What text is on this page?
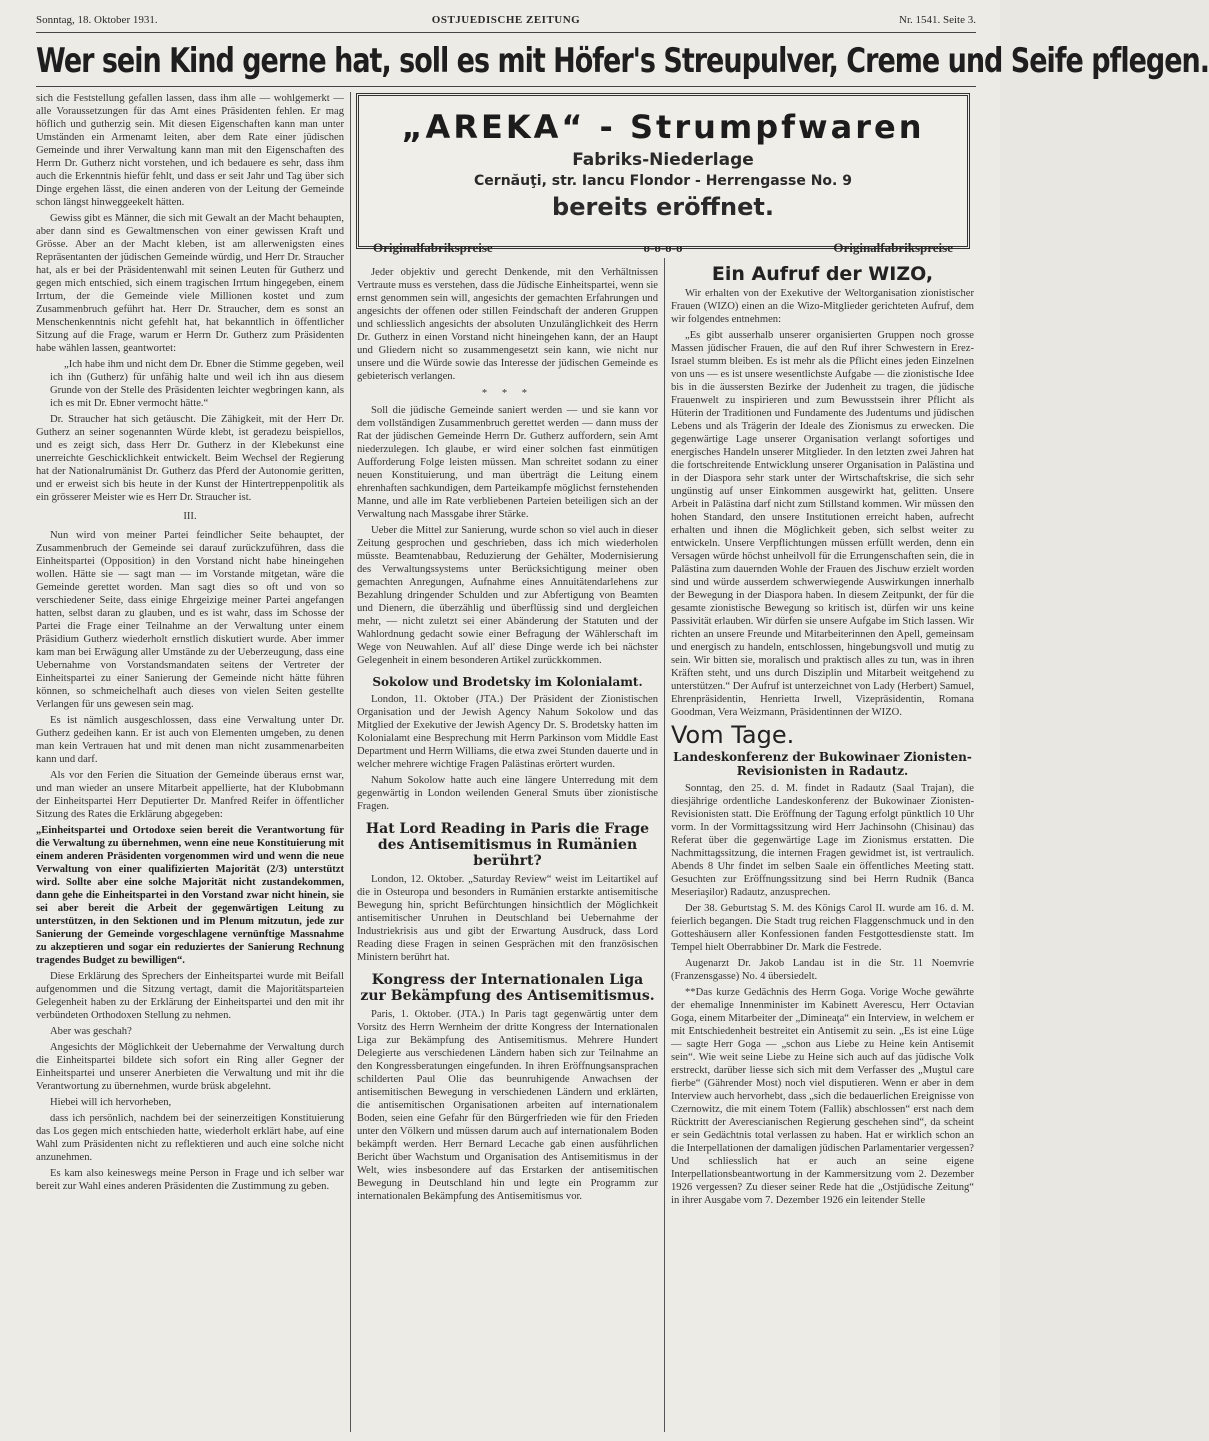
Sonntag, 18. Oktober 1931.	OSTJUEDISCHE ZEITUNG	Nr. 1541. Seite 3.
Wer sein Kind gerne hat, soll es mit Höfer's Streupulver, Creme und Seife pflegen.

sich die Feststellung gefallen lassen, dass ihm alle — wohlgemerkt — alle Voraussetzungen für das Amt eines Präsidenten fehlen. Er mag höflich und gutherzig sein. Mit diesen Eigenschaften kann man unter Umständen ein Armenamt leiten, aber dem Rate einer jüdischen Gemeinde und ihrer Verwaltung kann man mit den Eigenschaften des Herrn Dr. Gutherz nicht vorstehen, und ich bedauere es sehr, dass ihm auch die Erkenntnis hiefür fehlt, und dass er seit Jahr und Tag über sich Dinge ergehen lässt, die einen anderen von der Leitung der Gemeinde schon längst hinweggeekelt hätten.

Gewiss gibt es Männer, die sich mit Gewalt an der Macht behaupten, aber dann sind es Gewaltmenschen von einer gewissen Kraft und Grösse. Aber an der Macht kleben, ist am allerwenigsten eines Repräsentanten der jüdischen Gemeinde würdig, und Herr Dr. Straucher hat, als er bei der Präsidentenwahl mit seinen Leuten für Gutherz und gegen mich entschied, sich einem tragischen Irrtum hingegeben, einem Irrtum, der die Gemeinde viele Millionen kostet und zum Zusammenbruch geführt hat. Herr Dr. Straucher, dem es sonst an Menschenkenntnis nicht gefehlt hat, hat bekanntlich in öffentlicher Sitzung auf die Frage, warum er Herrn Dr. Gutherz zum Präsidenten habe wählen lassen, geantwortet:

„Ich habe ihm und nicht dem Dr. Ebner die Stimme gegeben, weil ich ihn (Gutherz) für unfähig halte und weil ich ihn aus diesem Grunde von der Stelle des Präsidenten leichter wegbringen kann, als ich es mit Dr. Ebner vermocht hätte.“

Dr. Straucher hat sich getäuscht. Die Zähigkeit, mit der Herr Dr. Gutherz an seiner sogenannten Würde klebt, ist geradezu beispiellos, und es zeigt sich, dass Herr Dr. Gutherz in der Klebekunst eine unerreichte Geschicklichkeit entwickelt. Beim Wechsel der Regierung hat der Nationalrumänist Dr. Gutherz das Pferd der Autonomie geritten, und er erweist sich bis heute in der Kunst der Hintertreppenpolitik als ein grösserer Meister wie es Herr Dr. Straucher ist.

III.

Nun wird von meiner Partei feindlicher Seite behauptet, der Zusammenbruch der Gemeinde sei darauf zurückzuführen, dass die Einheitspartei (Opposition) in den Vorstand nicht habe hineingehen wollen. Hätte sie — sagt man — im Vorstande mitgetan, wäre die Gemeinde gerettet worden. Man sagt dies so oft und von so verschiedener Seite, dass einige Ehrgeizige meiner Partei angefangen hatten, selbst daran zu glauben, und es ist wahr, dass im Schosse der Partei die Frage einer Teilnahme an der Verwaltung unter einem Präsidium Gutherz wiederholt ernstlich diskutiert wurde. Aber immer kam man bei Erwägung aller Umstände zu der Ueberzeugung, dass eine Uebernahme von Vorstandsmandaten seitens der Vertreter der Einheitspartei zu einer Sanierung der Gemeinde nicht hätte führen können, so schmeichelhaft auch dieses von vielen Seiten gestellte Verlangen für uns gewesen sein mag.

Es ist nämlich ausgeschlossen, dass eine Verwaltung unter Dr. Gutherz gedeihen kann. Er ist auch von Elementen umgeben, zu denen man kein Vertrauen hat und mit denen man nicht zusammenarbeiten kann und darf.

Als vor den Ferien die Situation der Gemeinde überaus ernst war, und man wieder an unsere Mitarbeit appellierte, hat der Klubobmann der Einheitspartei Herr Deputierter Dr. Manfred Reifer in öffentlicher Sitzung des Rates die Erklärung abgegeben:

„Einheitspartei und Ortodoxe seien bereit die Verantwortung für die Verwaltung zu übernehmen, wenn eine neue Konstituierung mit einem anderen Präsidenten vorgenommen wird und wenn die neue Verwaltung von einer qualifizierten Majorität (2/3) unterstützt wird. Sollte aber eine solche Majorität nicht zustandekommen, dann gehe die Einheitspartei in den Vorstand zwar nicht hinein, sie sei aber bereit die Arbeit der gegenwärtigen Leitung zu unterstützen, in den Sektionen und im Plenum mitzutun, jede zur Sanierung der Gemeinde vorgeschlagene vernünftige Massnahme zu akzeptieren und sogar ein reduziertes der Sanierung Rechnung tragendes Budget zu bewilligen“.

Diese Erklärung des Sprechers der Einheitspartei wurde mit Beifall aufgenommen und die Sitzung vertagt, damit die Majoritätsparteien Gelegenheit haben zu der Erklärung der Einheitspartei und den mit ihr verbündeten Orthodoxen Stellung zu nehmen.

Aber was geschah?

Angesichts der Möglichkeit der Uebernahme der Verwaltung durch die Einheitspartei bildete sich sofort ein Ring aller Gegner der Einheitspartei und unserer Anerbieten die Verwaltung und mit ihr die Verantwortung zu übernehmen, wurde brüsk abgelehnt.

Hiebei will ich hervorheben,

dass ich persönlich, nachdem bei der seinerzeitigen Konstituierung das Los gegen mich entschieden hatte, wiederholt erklärt habe, auf eine Wahl zum Präsidenten nicht zu reflektieren und auch eine solche nicht anzunehmen.

Es kam also keineswegs meine Person in Frage und ich selber war bereit zur Wahl eines anderen Präsidenten die Zustimmung zu geben.

„AREKA“ - Strumpfwaren
Fabriks-Niederlage
Cernăuţi, str. Iancu Flondor - Herrengasse No. 9
bereits eröffnet.
Originalfabrikspreise	o-o-o-o	Originalfabrikspreise

Jeder objektiv und gerecht Denkende, mit den Verhältnissen Vertraute muss es verstehen, dass die Jüdische Einheitspartei, wenn sie ernst genommen sein will, angesichts der gemachten Erfahrungen und angesichts der offenen oder stillen Feindschaft der anderen Gruppen und schliesslich angesichts der absoluten Unzulänglichkeit des Herrn Dr. Gutherz in einen Vorstand nicht hineingehen kann, der an Haupt und Gliedern nicht so zusammengesetzt sein kann, wie nicht nur unsere und die Würde sowie das Interesse der jüdischen Gemeinde es gebieterisch verlangen.

* * *

Soll die jüdische Gemeinde saniert werden — und sie kann vor dem vollständigen Zusammenbruch gerettet werden — dann muss der Rat der jüdischen Gemeinde Herrn Dr. Gutherz auffordern, sein Amt niederzulegen. Ich glaube, er wird einer solchen fast einmütigen Aufforderung Folge leisten müssen. Man schreitet sodann zu einer neuen Konstituierung, und man überträgt die Leitung einem ehrenhaften sachkundigen, dem Parteikampfe möglichst fernstehenden Manne, und alle im Rate verbliebenen Parteien beteiligen sich an der Verwaltung nach Massgabe ihrer Stärke.

Ueber die Mittel zur Sanierung, wurde schon so viel auch in dieser Zeitung gesprochen und geschrieben, dass ich mich wiederholen müsste. Beamtenabbau, Reduzierung der Gehälter, Modernisierung des Verwaltungssystems unter Berücksichtigung meiner oben gemachten Anregungen, Aufnahme eines Annuitätendarlehens zur Bezahlung dringender Schulden und zur Abfertigung von Beamten und Dienern, die überzählig und überflüssig sind und dergleichen mehr, — nicht zuletzt sei einer Abänderung der Statuten und der Wahlordnung gedacht sowie einer Befragung der Wählerschaft im Wege von Neuwahlen. Auf all' diese Dinge werde ich bei nächster Gelegenheit in einem besonderen Artikel zurückkommen.

Sokolow und Brodetsky im Kolonialamt.

London, 11. Oktober (JTA.) Der Präsident der Zionistischen Organisation und der Jewish Agency Nahum Sokolow und das Mitglied der Exekutive der Jewish Agency Dr. S. Brodetsky hatten im Kolonialamt eine Besprechung mit Herrn Parkinson vom Middle East Department und Herrn Williams, die etwa zwei Stunden dauerte und in welcher mehrere wichtige Fragen Palästinas erörtert wurden.

Nahum Sokolow hatte auch eine längere Unterredung mit dem gegenwärtig in London weilenden General Smuts über zionistische Fragen.

Hat Lord Reading in Paris die Frage des Antisemitismus in Rumänien berührt?

London, 12. Oktober. „Saturday Review“ weist im Leitartikel auf die in Osteuropa und besonders in Rumänien erstarkte antisemitische Bewegung hin, spricht Befürchtungen hinsichtlich der Möglichkeit antisemitischer Unruhen in Deutschland bei Uebernahme der Industriekrisis aus und gibt der Erwartung Ausdruck, dass Lord Reading diese Fragen in seinen Gesprächen mit den französischen Ministern berührt hat.

Kongress der Internationalen Liga zur Bekämpfung des Antisemitismus.

Paris, 1. Oktober. (JTA.) In Paris tagt gegenwärtig unter dem Vorsitz des Herrn Wernheim der dritte Kongress der Internationalen Liga zur Bekämpfung des Antisemitismus. Mehrere Hundert Delegierte aus verschiedenen Ländern haben sich zur Teilnahme an den Kongressberatungen eingefunden. In ihren Eröffnungsansprachen schilderten Paul Olie das beunruhigende Anwachsen der antisemitischen Bewegung in verschiedenen Ländern und erklärten, die antisemitischen Organisationen arbeiten auf internationalem Boden, seien eine Gefahr für den Bürgerfrieden wie für den Frieden unter den Völkern und müssen darum auch auf internationalem Boden bekämpft werden. Herr Bernard Lecache gab einen ausführlichen Bericht über Wachstum und Organisation des Antisemitismus in der Welt, wies insbesondere auf das Erstarken der antisemitischen Bewegung in Deutschland hin und legte ein Programm zur internationalen Bekämpfung des Antisemitismus vor.

Ein Aufruf der WIZO,

Wir erhalten von der Exekutive der Weltorganisation zionistischer Frauen (WIZO) einen an die Wizo-Mitglieder gerichteten Aufruf, dem wir folgendes entnehmen:

„Es gibt ausserhalb unserer organisierten Gruppen noch grosse Massen jüdischer Frauen, die auf den Ruf ihrer Schwestern in Erez-Israel stumm bleiben. Es ist mehr als die Pflicht eines jeden Einzelnen von uns — es ist unsere wesentlichste Aufgabe — die zionistische Idee bis in die äussersten Bezirke der Judenheit zu tragen, die jüdische Frauenwelt zu inspirieren und zum Bewusstsein ihrer Pflicht als Hüterin der Traditionen und Fundamente des Judentums und jüdischen Lebens und als Trägerin der Ideale des Zionismus zu erwecken. Die gegenwärtige Lage unserer Organisation verlangt sofortiges und energisches Handeln unserer Mitglieder. In den letzten zwei Jahren hat die fortschreitende Entwicklung unserer Organisation in Palästina und in der Diaspora sehr stark unter der Wirtschaftskrise, die sich sehr ungünstig auf unser Einkommen ausgewirkt hat, gelitten. Unsere Arbeit in Palästina darf nicht zum Stillstand kommen. Wir müssen den hohen Standard, den unsere Institutionen erreicht haben, aufrecht erhalten und ihnen die Möglichkeit geben, sich selbst weiter zu entwickeln. Unsere Verpflichtungen müssen erfüllt werden, denn ein Versagen würde höchst unheilvoll für die Errungenschaften sein, die in Palästina zum dauernden Wohle der Frauen des Jischuw erzielt worden sind und würde ausserdem schwerwiegende Auswirkungen innerhalb der Bewegung in der Diaspora haben. In diesem Zeitpunkt, der für die gesamte zionistische Bewegung so kritisch ist, dürfen wir uns keine Passivität erlauben. Wir dürfen sie unsere Aufgabe im Stich lassen. Wir richten an unsere Freunde und Mitarbeiterinnen den Apell, gemeinsam und energisch zu handeln, entschlossen, hingebungsvoll und mutig zu sein. Wir bitten sie, moralisch und praktisch alles zu tun, was in ihren Kräften steht, und uns durch Disziplin und Mitarbeit weitgehend zu unterstützen.“ Der Aufruf ist unterzeichnet von Lady (Herbert) Samuel, Ehrenpräsidentin, Henrietta Irwell, Vizepräsidentin, Romana Goodman, Vera Weizmann, Präsidentinnen der WIZO.

Vom Tage.
Landeskonferenz der Bukowinaer Zionisten-Revisionisten in Radautz.

Sonntag, den 25. d. M. findet in Radautz (Saal Trajan), die diesjährige ordentliche Landeskonferenz der Bukowinaer Zionisten-Revisionisten statt. Die Eröffnung der Tagung erfolgt pünktlich 10 Uhr vorm. In der Vormittagssitzung wird Herr Jachinsohn (Chisinau) das Referat über die gegenwärtige Lage im Zionismus erstatten. Die Nachmittagssitzung, die internen Fragen gewidmet ist, ist vertraulich. Abends 8 Uhr findet im selben Saale ein öffentliches Meeting statt. Gesuchten zur Eröffnungssitzung sind bei Herrn Rudnik (Banca Meseriaşilor) Radautz, anzusprechen.

Der 38. Geburtstag S. M. des Königs Carol II. wurde am 16. d. M. feierlich begangen. Die Stadt trug reichen Flaggenschmuck und in den Gotteshäusern aller Konfessionen fanden Festgottesdienste statt. Im Tempel hielt Oberrabbiner Dr. Mark die Festrede.

Augenarzt Dr. Jakob Landau ist in die Str. 11 Noemvrie (Franzensgasse) No. 4 übersiedelt.

**Das kurze Gedächnis des Herrn Goga. Vorige Woche gewährte der ehemalige Innenminister im Kabinett Averescu, Herr Octavian Goga, einem Mitarbeiter der „Dimineaţa“ ein Interview, in welchem er mit Entschiedenheit bestreitet ein Antisemit zu sein. „Es ist eine Lüge — sagte Herr Goga — „schon aus Liebe zu Heine kein Antisemit sein“. Wie weit seine Liebe zu Heine sich auch auf das jüdische Volk erstreckt, darüber liesse sich sich mit dem Verfasser des „Muştul care fierbe“ (Gährender Most) noch viel disputieren. Wenn er aber in dem Interview auch hervorhebt, dass „sich die bedauerlichen Ereignisse von Czernowitz, die mit einem Totem (Fallik) abschlossen“ erst nach dem Rücktritt der Averescianischen Regierung geschehen sind“, da scheint er sein Gedächtnis total verlassen zu haben. Hat er wirklich schon an die Interpellationen der damaligen jüdischen Parlamentarier vergessen? Und schliesslich hat er auch an seine eigene Interpellationsbeantwortung in der Kammersitzung vom 2. Dezember 1926 vergessen? Zu dieser seiner Rede hat die „Ostjüdische Zeitung“ in ihrer Ausgabe vom 7. Dezember 1926 ein leitender Stelle
